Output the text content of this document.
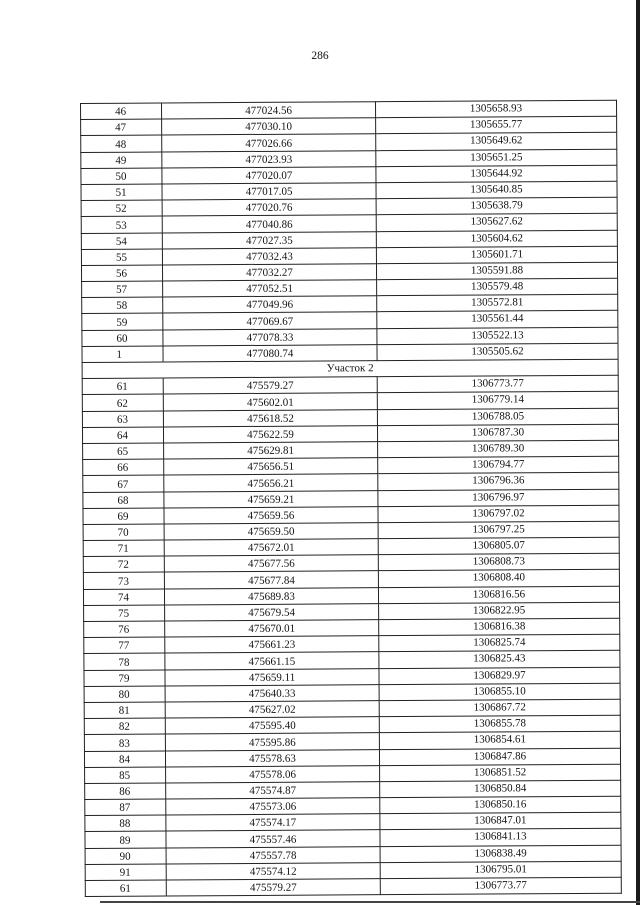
286
46	477024.56	1305658.93
47	477030.10	1305655.77
48	477026.66	1305649.62
49	477023.93	1305651.25
50	477020.07	1305644.92
51	477017.05	1305640.85
52	477020.76	1305638.79
53	477040.86	1305627.62
54	477027.35	1305604.62
55	477032.43	1305601.71
56	477032.27	1305591.88
57	477052.51	1305579.48
58	477049.96	1305572.81
59	477069.67	1305561.44
60	477078.33	1305522.13
1	477080.74	1305505.62
Участок 2		
61	475579.27	1306773.77
62	475602.01	1306779.14
63	475618.52	1306788.05
64	475622.59	1306787.30
65	475629.81	1306789.30
66	475656.51	1306794.77
67	475656.21	1306796.36
68	475659.21	1306796.97
69	475659.56	1306797.02
70	475659.50	1306797.25
71	475672.01	1306805.07
72	475677.56	1306808.73
73	475677.84	1306808.40
74	475689.83	1306816.56
75	475679.54	1306822.95
76	475670.01	1306816.38
77	475661.23	1306825.74
78	475661.15	1306825.43
79	475659.11	1306829.97
80	475640.33	1306855.10
81	475627.02	1306867.72
82	475595.40	1306855.78
83	475595.86	1306854.61
84	475578.63	1306847.86
85	475578.06	1306851.52
86	475574.87	1306850.84
87	475573.06	1306850.16
88	475574.17	1306847.01
89	475557.46	1306841.13
90	475557.78	1306838.49
91	475574.12	1306795.01
61	475579.27	1306773.77
